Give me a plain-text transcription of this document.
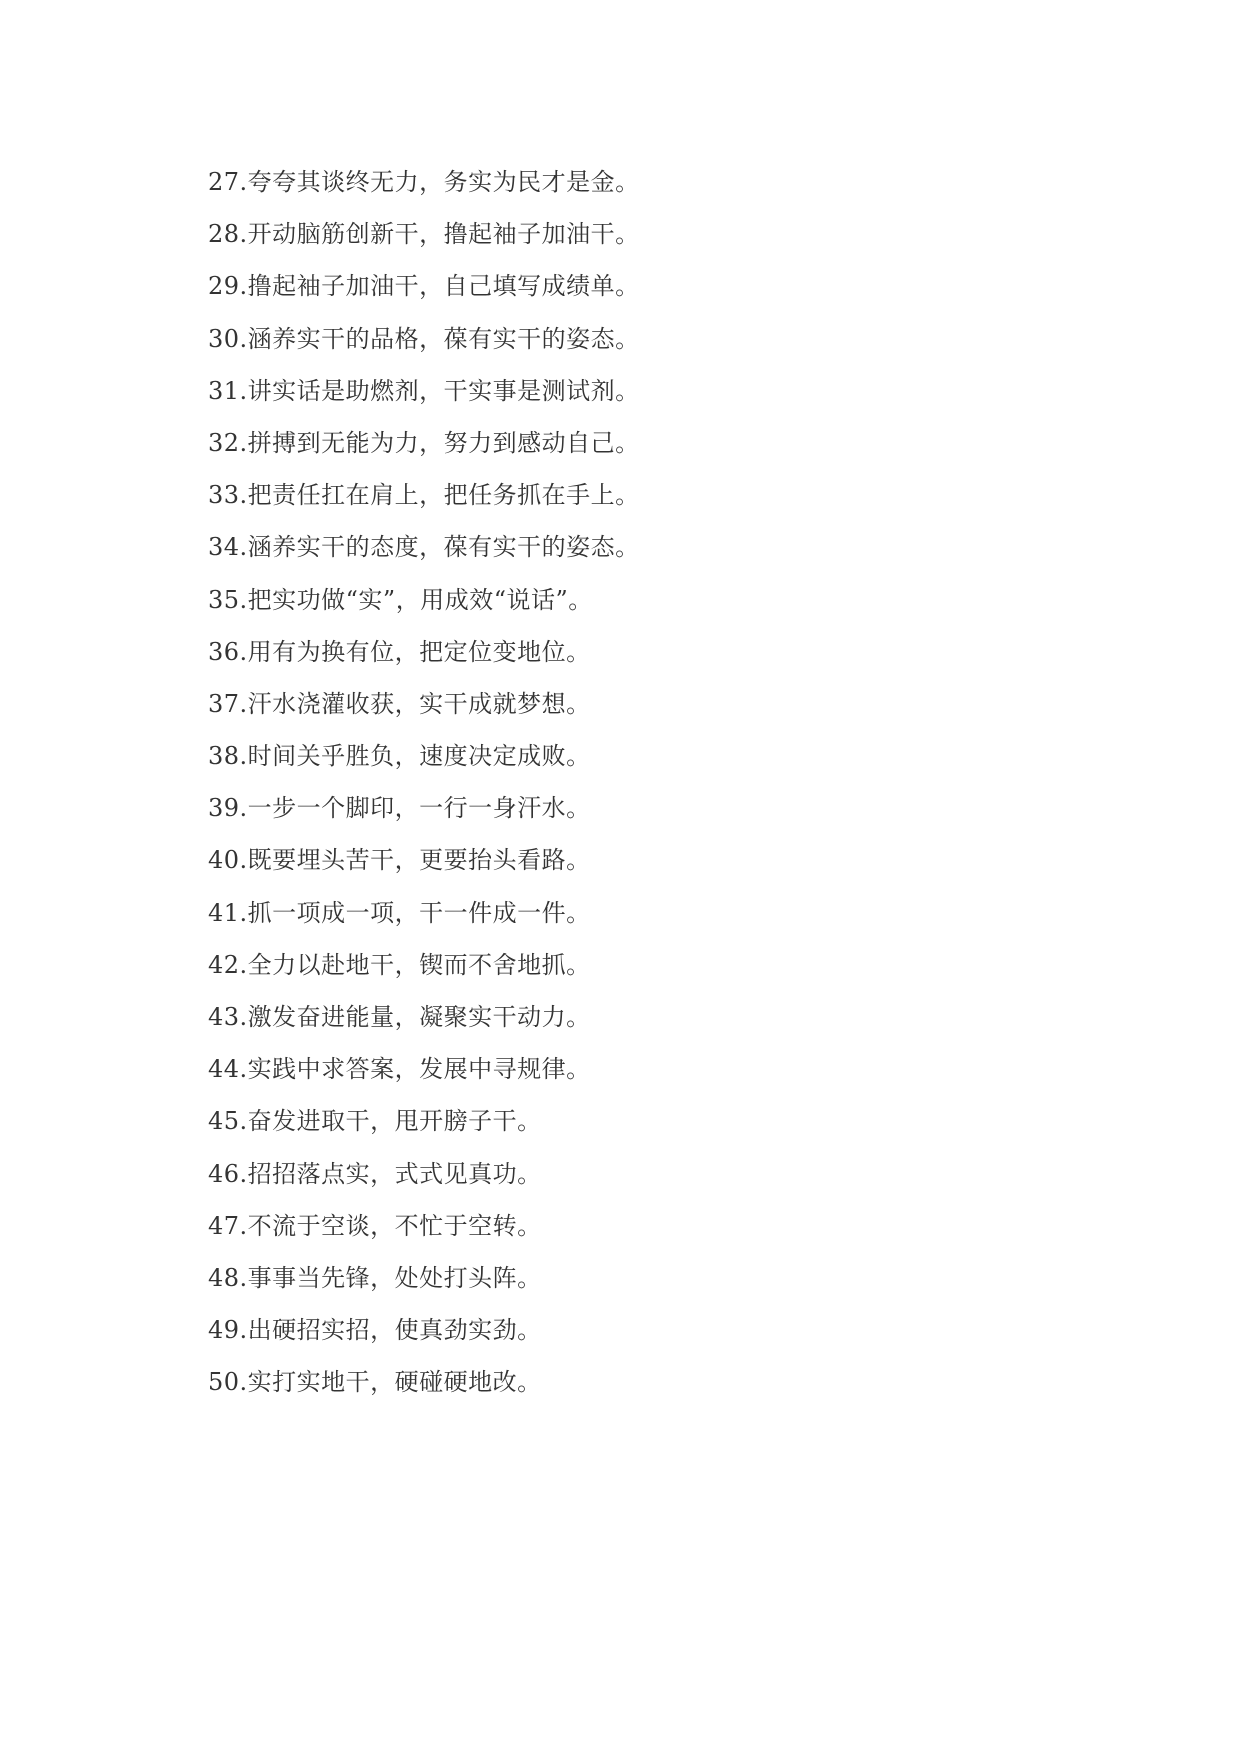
27.夸夸其谈终无力，务实为民才是金。
28.开动脑筋创新干，撸起袖子加油干。
29.撸起袖子加油干，自己填写成绩单。
30.涵养实干的品格，葆有实干的姿态。
31.讲实话是助燃剂，干实事是测试剂。
32.拼搏到无能为力，努力到感动自己。
33.把责任扛在肩上，把任务抓在手上。
34.涵养实干的态度，葆有实干的姿态。
35.把实功做“实”，用成效“说话”。
36.用有为换有位，把定位变地位。
37.汗水浇灌收获，实干成就梦想。
38.时间关乎胜负，速度决定成败。
39.一步一个脚印，一行一身汗水。
40.既要埋头苦干，更要抬头看路。
41.抓一项成一项，干一件成一件。
42.全力以赴地干，锲而不舍地抓。
43.激发奋进能量，凝聚实干动力。
44.实践中求答案，发展中寻规律。
45.奋发进取干，甩开膀子干。
46.招招落点实，式式见真功。
47.不流于空谈，不忙于空转。
48.事事当先锋，处处打头阵。
49.出硬招实招，使真劲实劲。
50.实打实地干，硬碰硬地改。
